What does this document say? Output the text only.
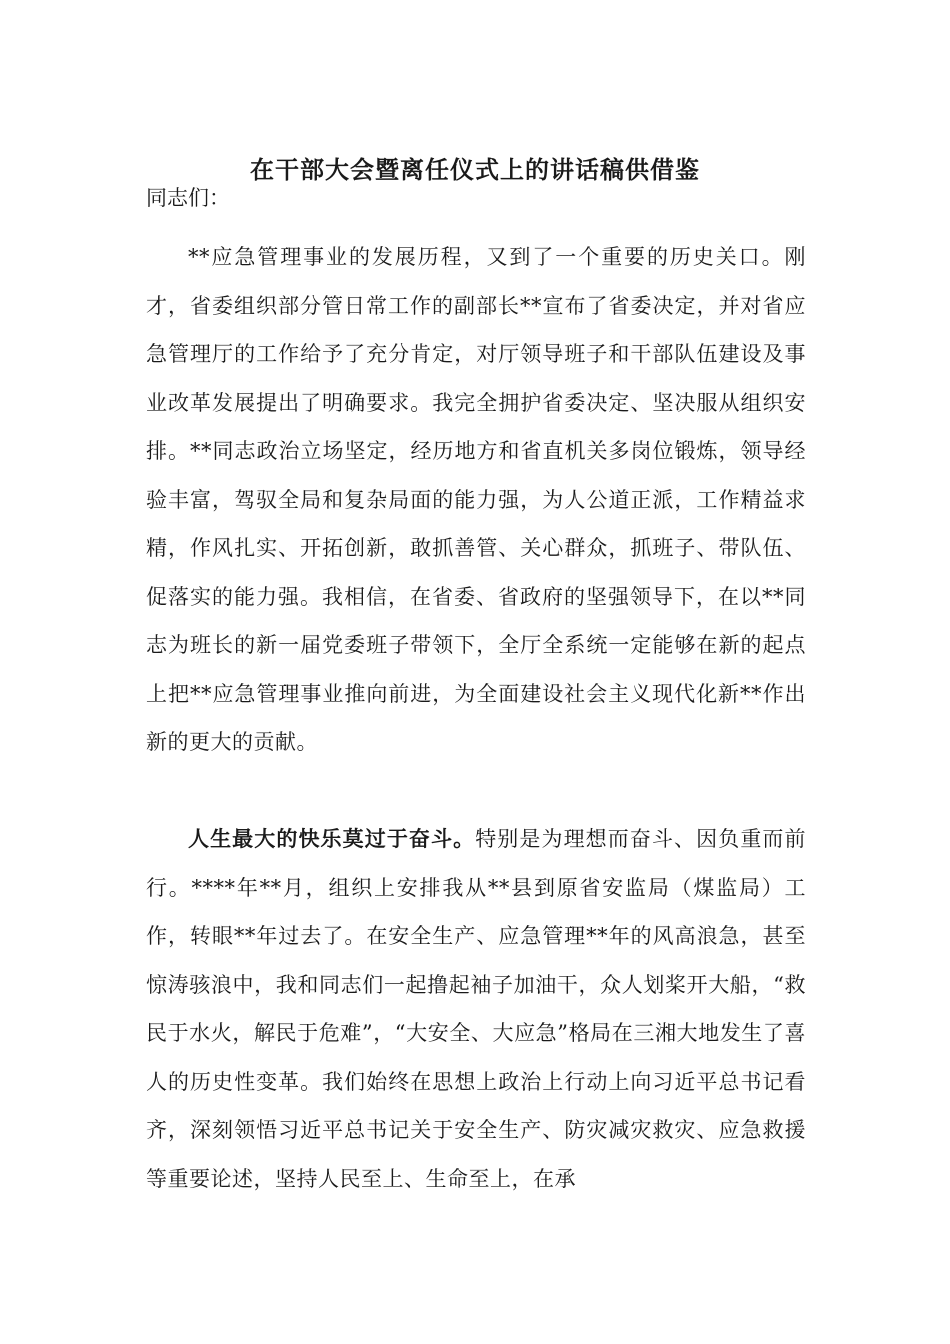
在干部大会暨离任仪式上的讲话稿供借鉴

同志们：

**应急管理事业的发展历程，又到了一个重要的历史关口。刚才，省委组织部分管日常工作的副部长**宣布了省委决定，并对省应急管理厅的工作给予了充分肯定，对厅领导班子和干部队伍建设及事业改革发展提出了明确要求。我完全拥护省委决定、坚决服从组织安排。**同志政治立场坚定，经历地方和省直机关多岗位锻炼，领导经验丰富，驾驭全局和复杂局面的能力强，为人公道正派，工作精益求精，作风扎实、开拓创新，敢抓善管、关心群众，抓班子、带队伍、促落实的能力强。我相信，在省委、省政府的坚强领导下，在以**同志为班长的新一届党委班子带领下，全厅全系统一定能够在新的起点上把**应急管理事业推向前进，为全面建设社会主义现代化新**作出新的更大的贡献。

人生最大的快乐莫过于奋斗。特别是为理想而奋斗、因负重而前行。****年**月，组织上安排我从**县到原省安监局（煤监局）工作，转眼**年过去了。在安全生产、应急管理**年的风高浪急，甚至惊涛骇浪中，我和同志们一起撸起袖子加油干，众人划桨开大船，“救民于水火，解民于危难”，“大安全、大应急”格局在三湘大地发生了喜人的历史性变革。我们始终在思想上政治上行动上向习近平总书记看齐，深刻领悟习近平总书记关于安全生产、防灾减灾救灾、应急救援等重要论述，坚持人民至上、生命至上，在承
